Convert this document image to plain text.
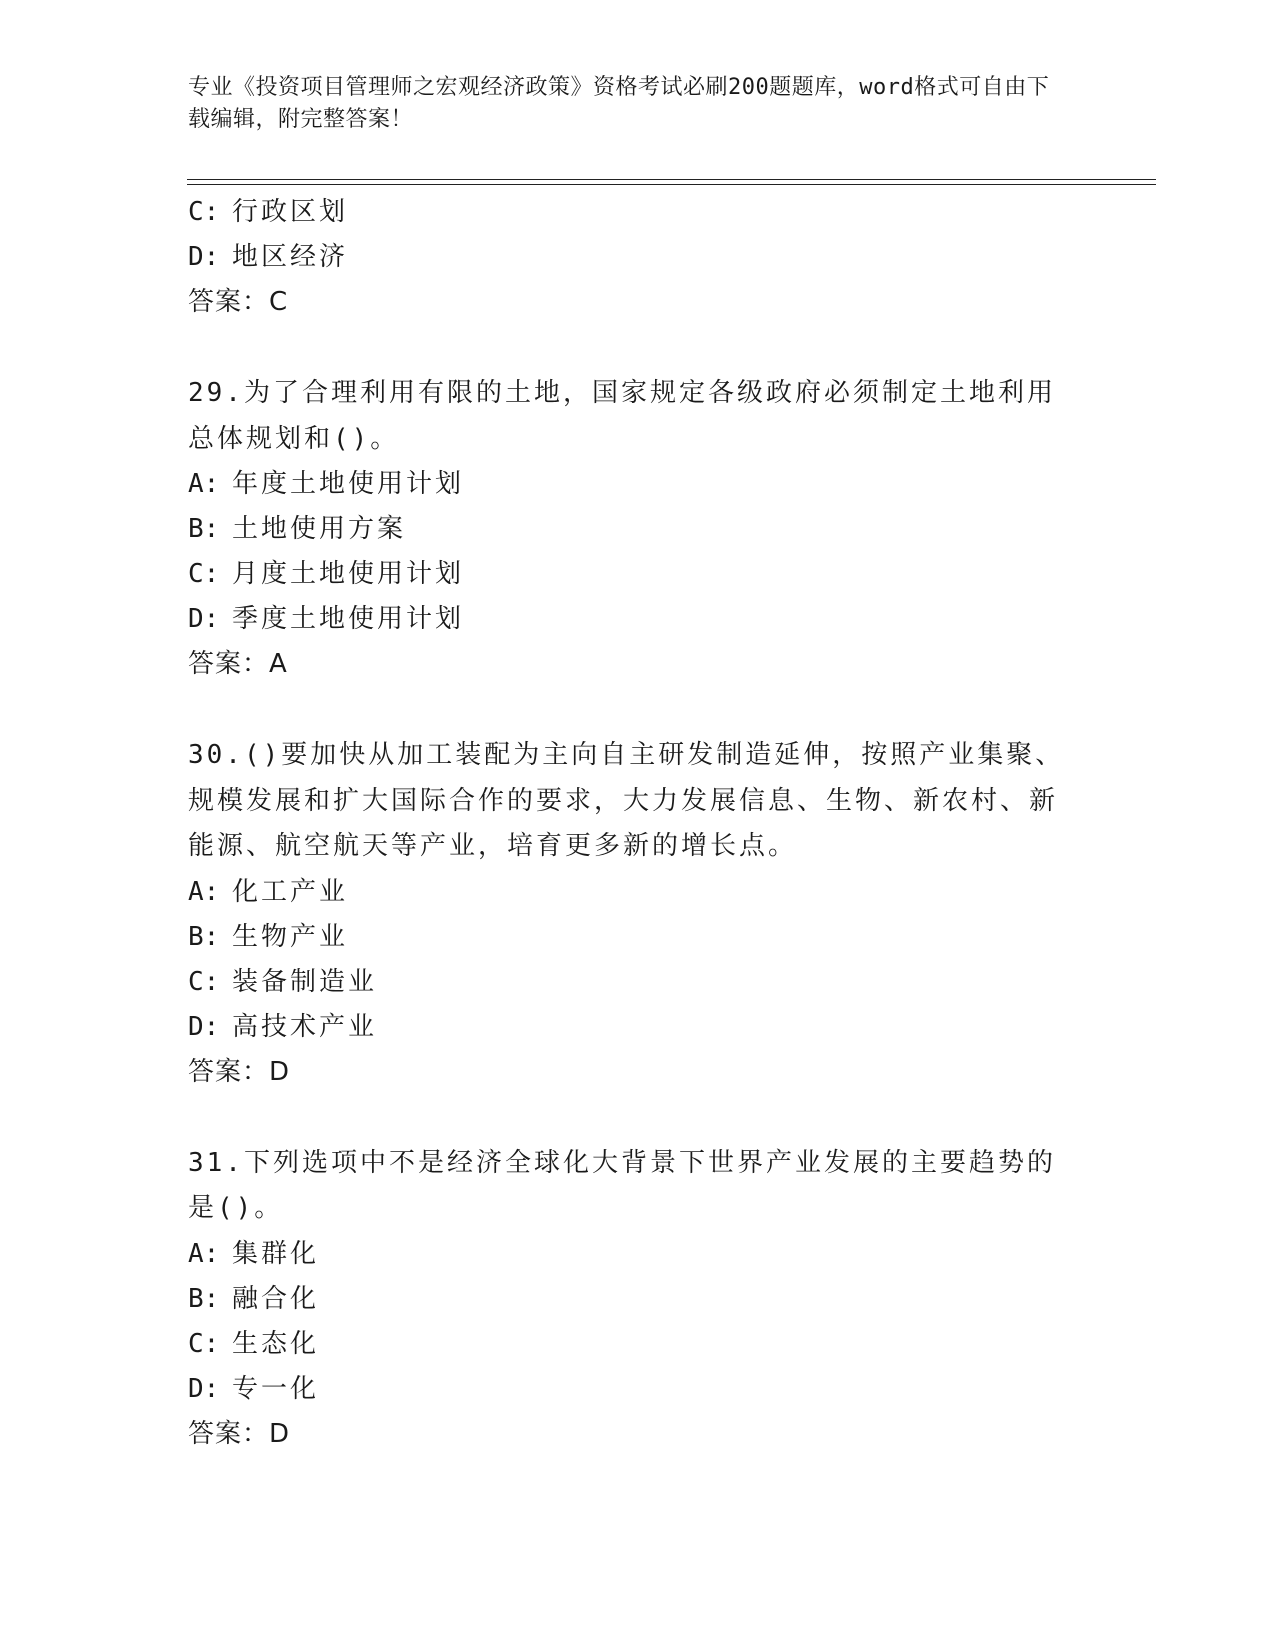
专业《投资项目管理师之宏观经济政策》资格考试必刷200题题库，word格式可自由下载编辑，附完整答案！
C: 行政区划
D: 地区经济
答案：C
29.为了合理利用有限的土地，国家规定各级政府必须制定土地利用总体规划和()。
A: 年度土地使用计划
B: 土地使用方案
C: 月度土地使用计划
D: 季度土地使用计划
答案：A
30.()要加快从加工装配为主向自主研发制造延伸，按照产业集聚、规模发展和扩大国际合作的要求，大力发展信息、生物、新农村、新能源、航空航天等产业，培育更多新的增长点。
A: 化工产业
B: 生物产业
C: 装备制造业
D: 高技术产业
答案：D
31.下列选项中不是经济全球化大背景下世界产业发展的主要趋势的是()。
A: 集群化
B: 融合化
C: 生态化
D: 专一化
答案：D
